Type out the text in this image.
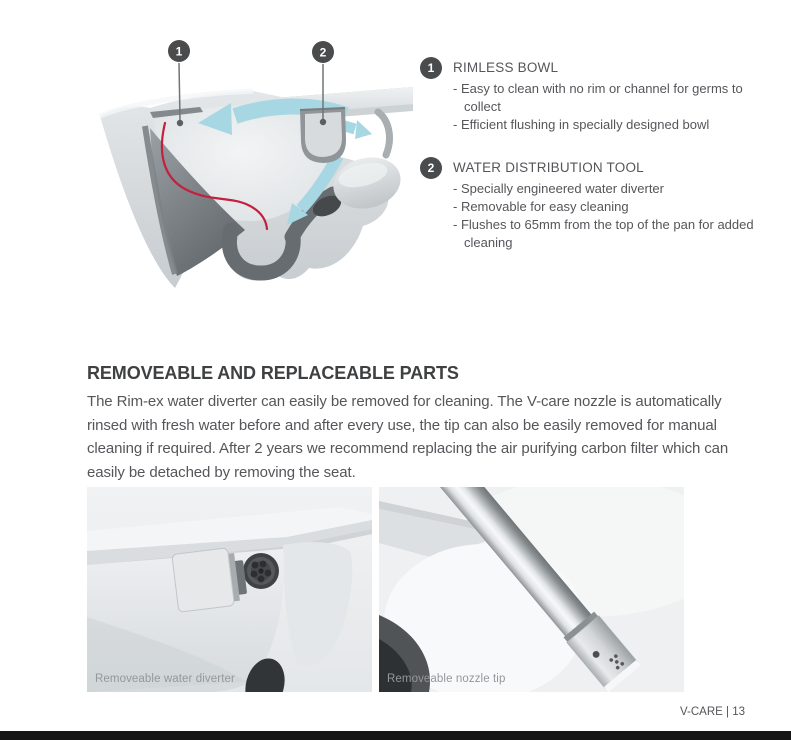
1	2
1	RIMLESS BOWL
- Easy to clean with no rim or channel for germs to collect
- Efficient flushing in specially designed bowl
2	WATER DISTRIBUTION TOOL
- Specially engineered water diverter
- Removable for easy cleaning
- Flushes to 65mm from the top of the pan for added cleaning
REMOVEABLE AND REPLACEABLE PARTS

The Rim-ex water diverter can easily be removed for cleaning. The V-care nozzle is automatically rinsed with fresh water before and after every use, the tip can also be easily removed for manual cleaning if required. After 2 years we recommend replacing the air purifying carbon filter which can easily be detached by removing the seat.

Removeable water diverter	Removeable nozzle tip
V-CARE | 13
